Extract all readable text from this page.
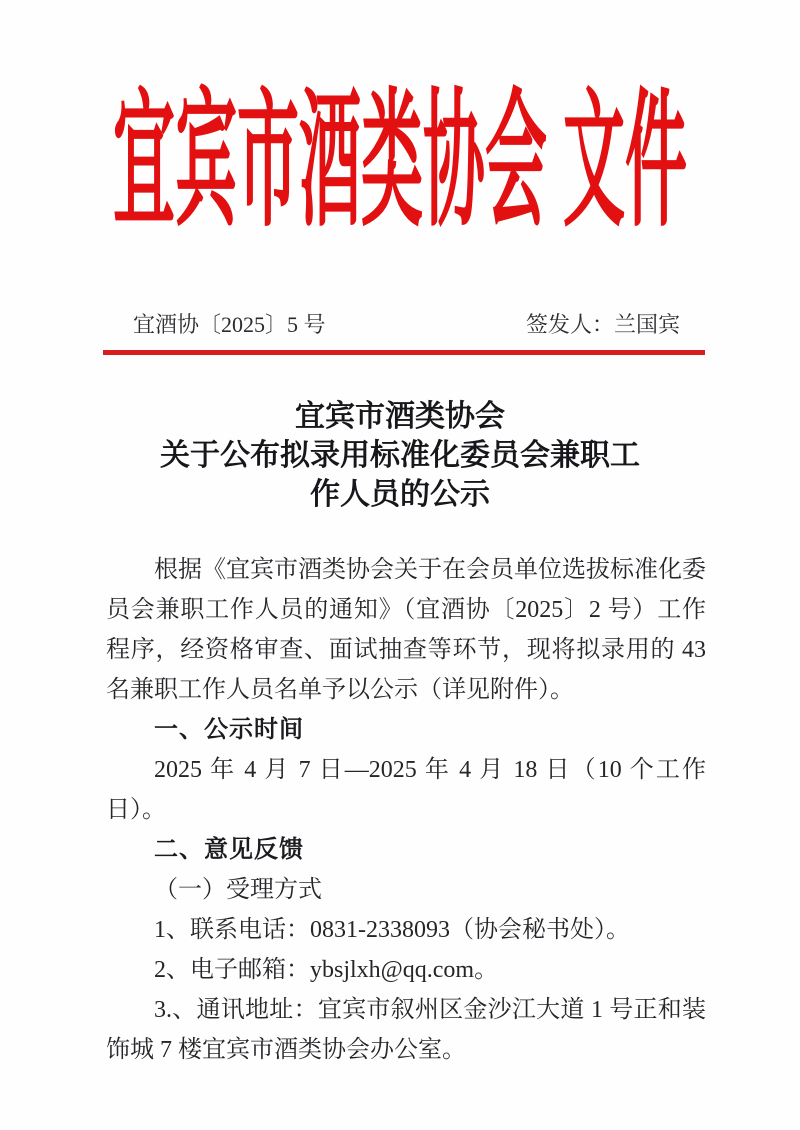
宜宾市酒类协会 文件
宜酒协〔2025〕5 号	签发人：兰国宾
宜宾市酒类协会
关于公布拟录用标准化委员会兼职工
作人员的公示

根据《宜宾市酒类协会关于在会员单位选拔标准化委员会兼职工作人员的通知》（宜酒协〔2025〕2 号）工作程序，经资格审查、面试抽查等环节，现将拟录用的 43 名兼职工作人员名单予以公示（详见附件）。

一、公示时间

2025 年 4 月 7 日—2025 年 4 月 18 日（10 个工作日）。

二、意见反馈

（一）受理方式

1、联系电话：0831-2338093（协会秘书处）。

2、电子邮箱：ybsjlxh@qq.com。

3.、通讯地址：宜宾市叙州区金沙江大道 1 号正和装饰城 7 楼宜宾市酒类协会办公室。
